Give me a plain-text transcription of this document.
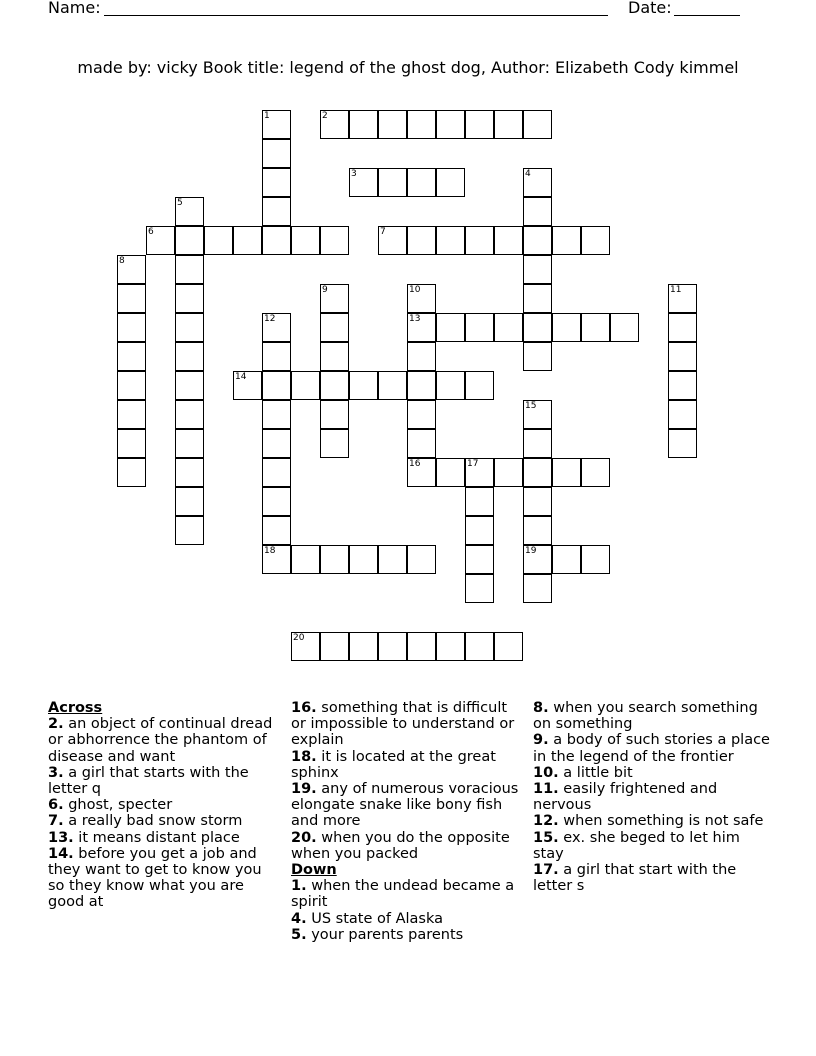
Name:	Date:
made by: vicky Book title: legend of the ghost dog, Author: Elizabeth Cody kimmel
1	2
3	4
5
6	7
8
9	10
13
16
11
12
18
14
15
19
17
20
Across
2. an object of continual dread or abhorrence the phantom of disease and want
3. a girl that starts with the letter q
6. ghost, specter
7. a really bad snow storm
13. it means distant place
14. before you get a job and they want to get to know you so they know what you are good at
16. something that is difficult or impossible to understand or explain
18. it is located at the great sphinx
19. any of numerous voracious elongate snake like bony fish and more
20. when you do the opposite when you packed
Down
1. when the undead became a spirit
4. US state of Alaska
5. your parents parents
8. when you search something on something
9. a body of such stories a place in the legend of the frontier
10. a little bit
11. easily frightened and nervous
12. when something is not safe
15. ex. she beged to let him stay
17. a girl that start with the letter s
